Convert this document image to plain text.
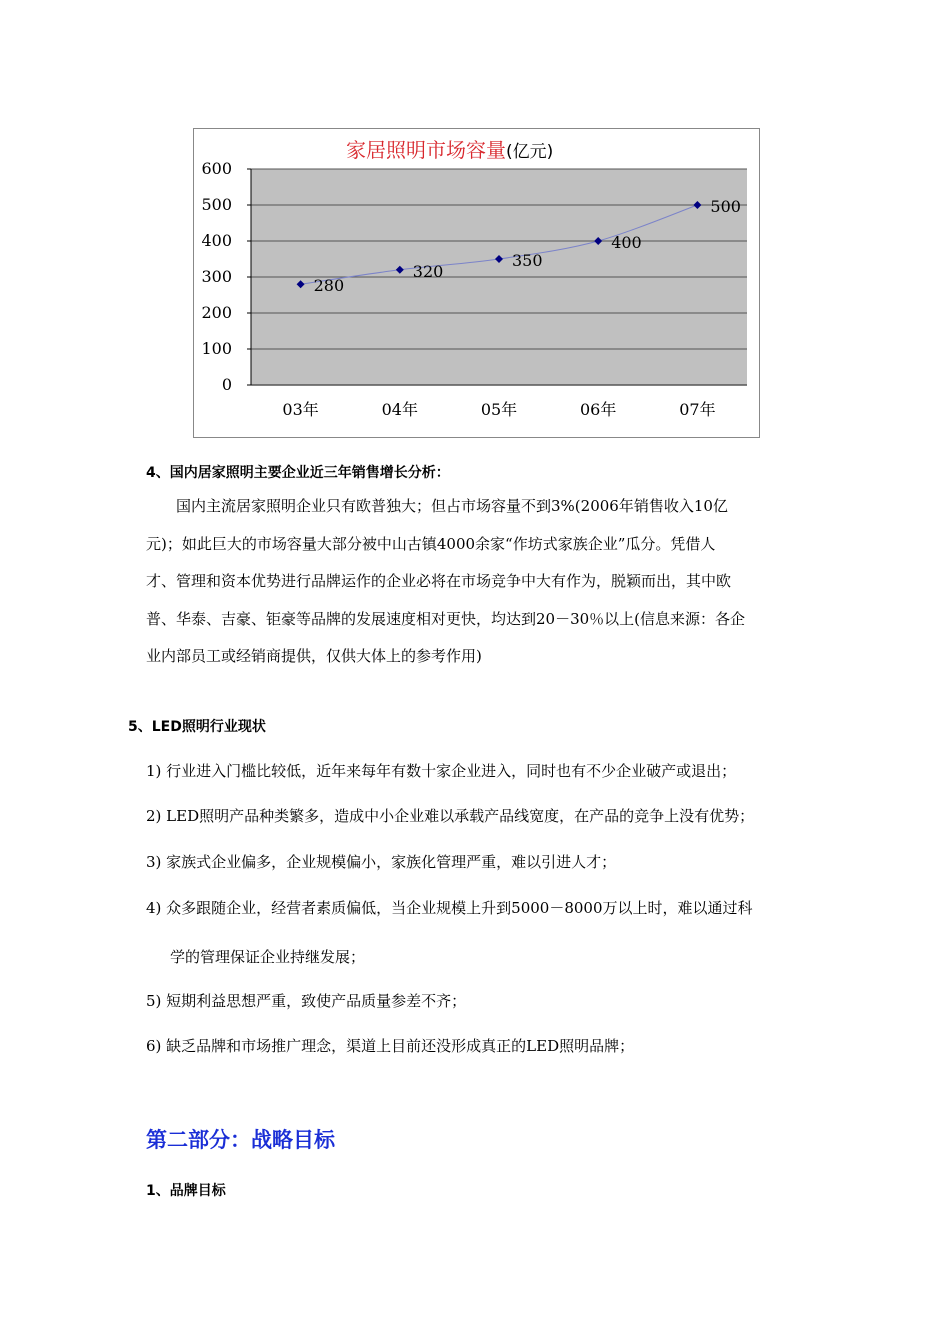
家居照明市场容量(亿元)
0
100
200
300
400
500
600
280
320
350
400
500
03年	04年	05年	06年	07年
4、国内居家照明主要企业近三年销售增长分析：
国内主流居家照明企业只有欧普独大；但占市场容量不到3%(2006年销售收入10亿
元)；如此巨大的市场容量大部分被中山古镇4000余家“作坊式家族企业”瓜分。凭借人
才、管理和资本优势进行品牌运作的企业必将在市场竞争中大有作为，脱颖而出，其中欧
普、华泰、吉豪、钜豪等品牌的发展速度相对更快，均达到20－30％以上(信息来源：各企
业内部员工或经销商提供，仅供大体上的参考作用)
5、LED照明行业现状
1) 行业进入门槛比较低，近年来每年有数十家企业进入，同时也有不少企业破产或退出；
2) LED照明产品种类繁多，造成中小企业难以承载产品线宽度，在产品的竞争上没有优势；
3) 家族式企业偏多，企业规模偏小，家族化管理严重，难以引进人才；
4) 众多跟随企业，经营者素质偏低，当企业规模上升到5000－8000万以上时，难以通过科
学的管理保证企业持继发展；
5) 短期利益思想严重，致使产品质量参差不齐；
6) 缺乏品牌和市场推广理念，渠道上目前还没形成真正的LED照明品牌；
第二部分：战略目标
1、品牌目标
